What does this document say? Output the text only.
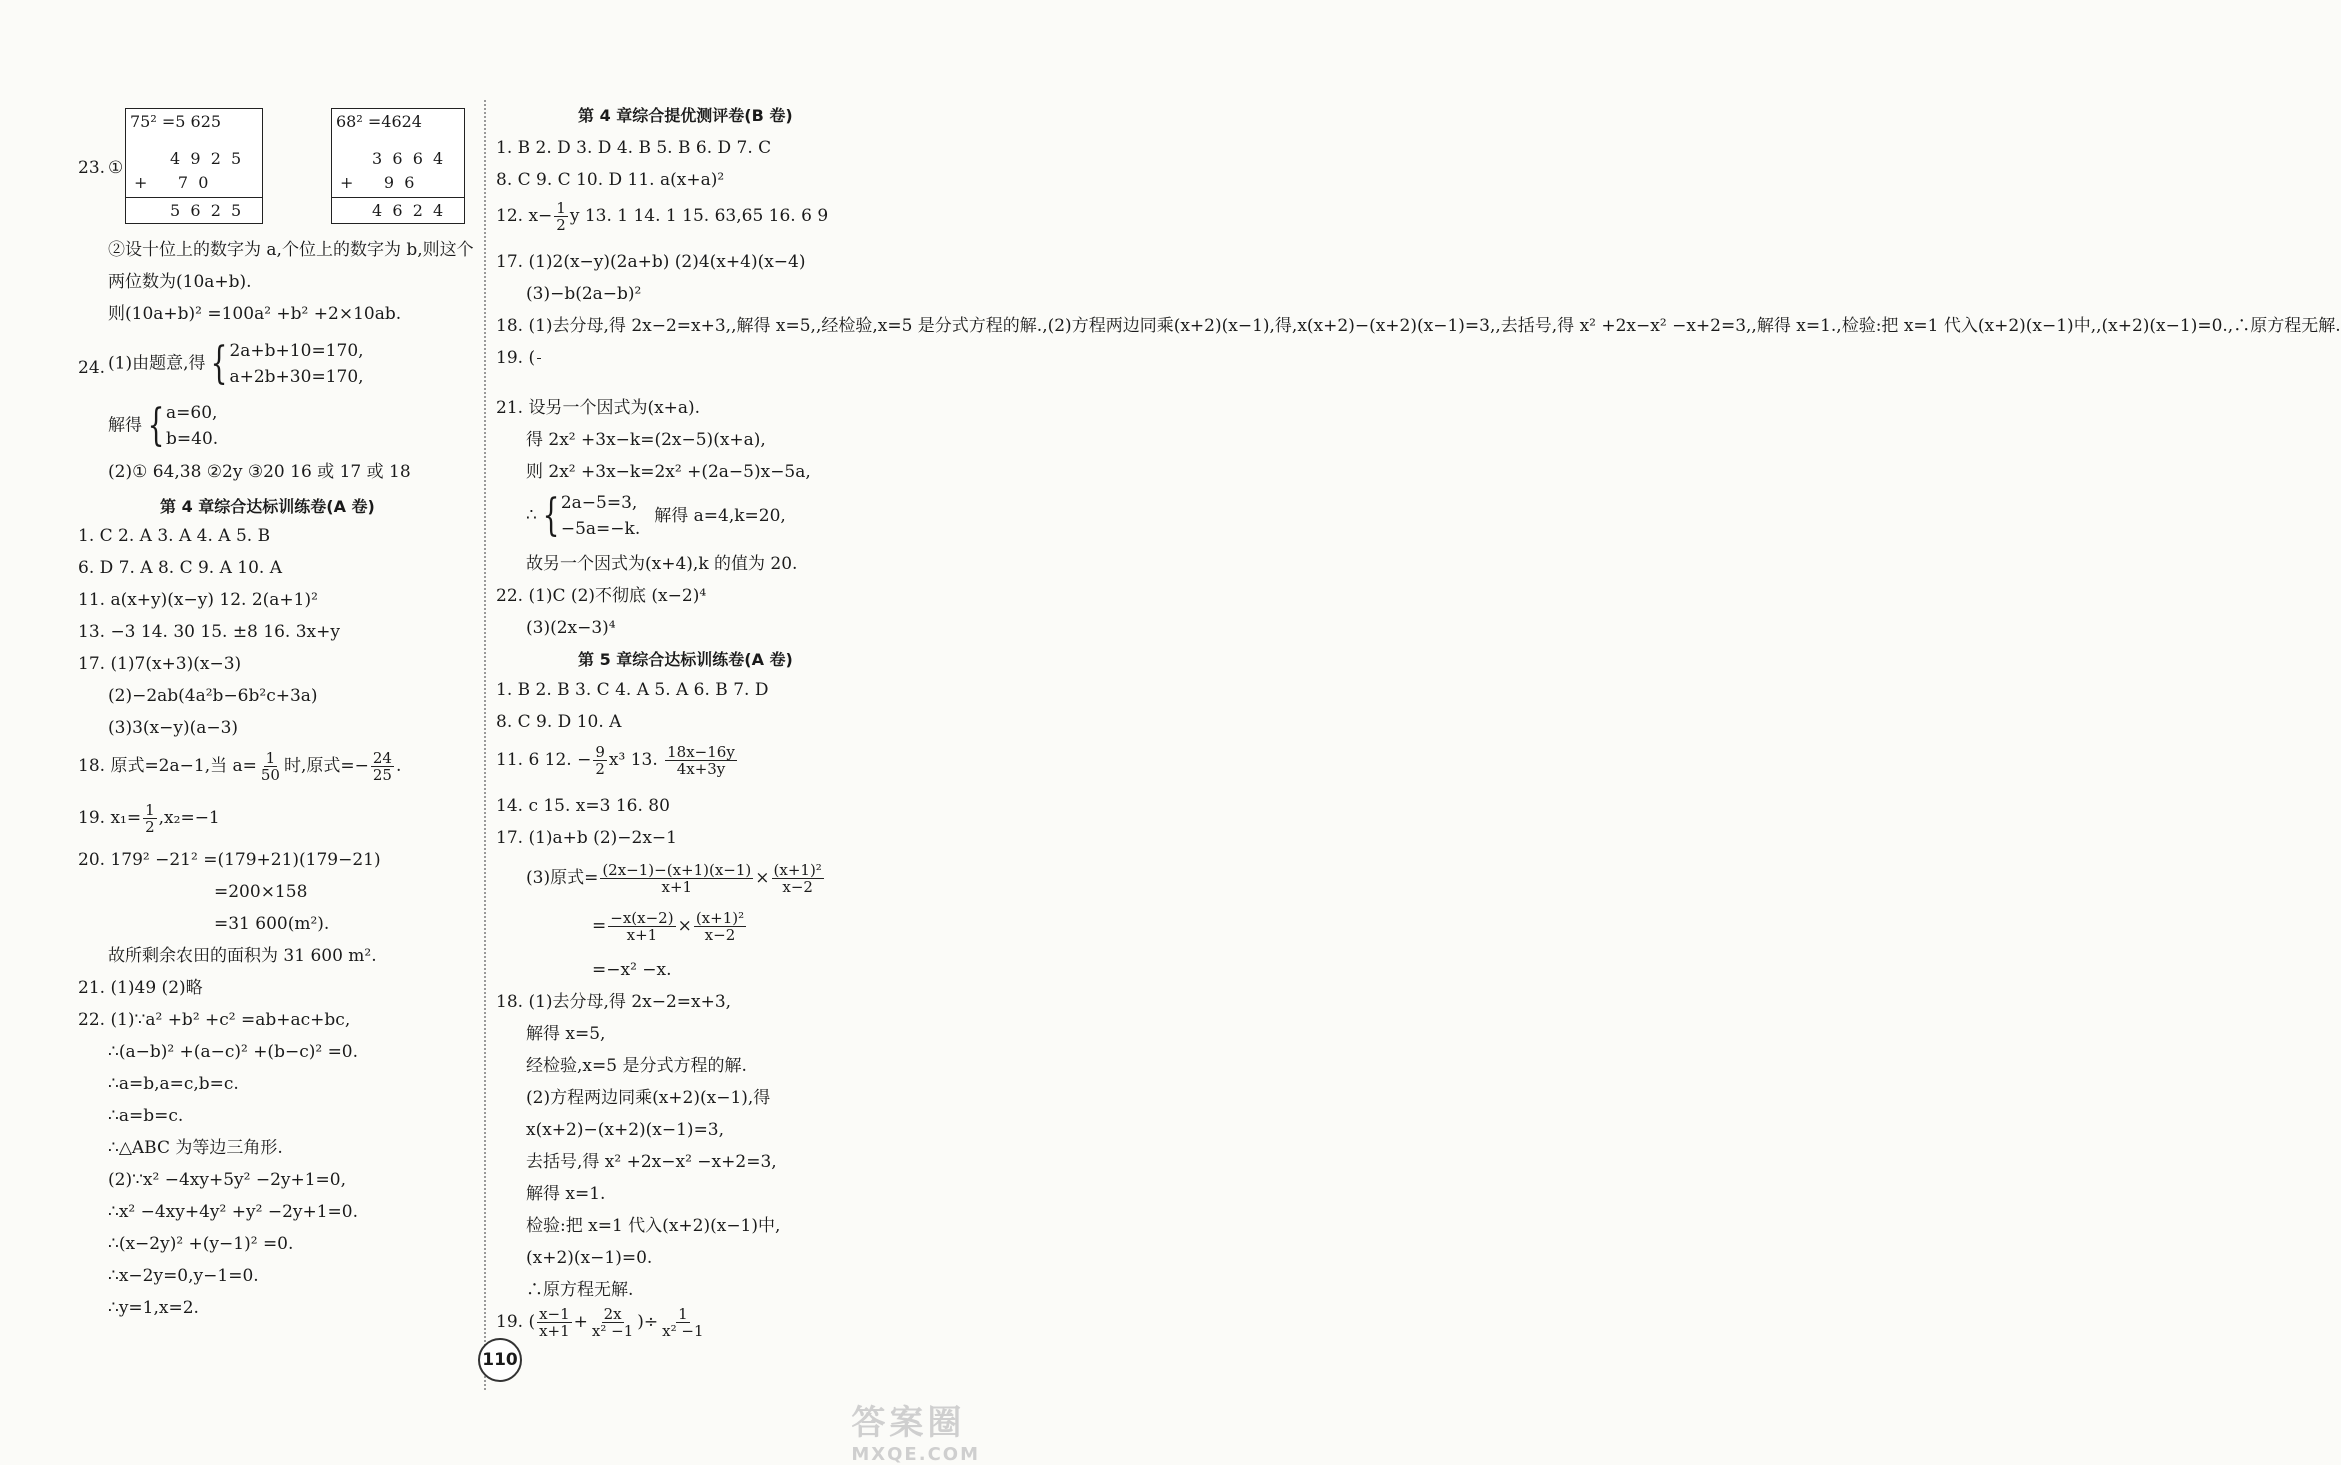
23. ①
75² =5 625
4  9  2  5
+      7  0
5  6  2  5
68² =4624
3  6  6  4
+      9  6
4  6  2  4
②设十位上的数字为 a,个位上的数字为 b,则这个
两位数为(10a+b).
则(10a+b)² =100a² +b² +2×10ab.
24. (1)由题意,得 { 2a+b+10=170,
a+2b+30=170,
解得 { a=60,
b=40.
(2)① 64,38 ②2y ③20 16 或 17 或 18
第 4 章综合达标训练卷(A 卷)
1. C 2. A 3. A 4. A 5. B
6. D 7. A 8. C 9. A 10. A
11. a(x+y)(x−y) 12. 2(a+1)²
13. −3 14. 30 15. ±8 16. 3x+y
17. (1)7(x+3)(x−3)
(2)−2ab(4a²b−6b²c+3a)
(3)3(x−y)(a−3)
18. 原式=2a−1,当 $a= \frac{1}{50}$ 时,原式=− $\frac{24}{25}$ .
19. $x_1= \frac{1}{2} ,x_2=-1$
20. 179² −21² =(179+21)(179−21)
=200×158
=31 600(m²).
故所剩余农田的面积为 31 600 m².
21. (1)49 (2)略
22. (1)∵a² +b² +c² =ab+ac+bc,
∴(a−b)² +(a−c)² +(b−c)² =0.
∴a=b,a=c,b=c.
∴a=b=c.
∴△ABC 为等边三角形.
(2)∵x² −4xy+5y² −2y+1=0,
∴x² −4xy+4y² +y² −2y+1=0.
∴(x−2y)² +(y−1)² =0.
∴x−2y=0,y−1=0.
∴y=1,x=2.
第 4 章综合提优测评卷(B 卷)
1. B 2. D 3. D 4. B 5. B 6. D 7. C
8. C 9. C 10. D 11. a(x+a)²
12. $x- \frac{1}{2}$ y 13. 1 14. 1 15. 63,65 16. 6 9
17. (1)2(x−y)(2a+b) (2)4(x+4)(x−4)
(3)−b(2a−b)²
18. (1)去分母,得 2x−2=x+3,,解得 x=5,,经检验,x=5 是分式方程的解.,(2)方程两边同乘(x+2)(x−1),得,x(x+2)−(x+2)(x−1)=3,,去括号,得 x² +2x−x² −x+2=3,,解得 x=1.,检验:把 x=1 代入(x+2)(x−1)中,,(x+2)(x−1)=0.,∴原方程无解.
19. (
21. 设另一个因式为(x+a).
得 2x² +3x−k=(2x−5)(x+a),
则 2x² +3x−k=2x² +(2a−5)x−5a,
∴ { 2a−5=3,
−5a=−k.
解得 a=4,k=20,
故另一个因式为(x+4),k 的值为 20.
22. (1)C (2)不彻底 (x−2)⁴
(3)(2x−3)⁴
第 5 章综合达标训练卷(A 卷)
1. B 2. B 3. C 4. A 5. A 6. B 7. D
8. C 9. D 10. A
11. 6 12. − $\frac{9}{2} x^3$ 13. $\frac{18x-16y}{4x+3y}$
14. c 15. x=3 16. 80
17. (1)a+b (2)−2x−1
(3)原式= $\frac{(2x-1)-(x+1)(x-1)}{x+1} \times \frac{\text{(x+1)²}}{x-2}$
= $\frac{-x(x-2)}{x+1} \times \frac{\text{(x+1)²}}{x-2}$
=−x² −x.
18. (1)去分母,得 2x−2=x+3,
解得 x=5,
经检验,x=5 是分式方程的解.
(2)方程两边同乘(x+2)(x−1),得
x(x+2)−(x+2)(x−1)=3,
去括号,得 x² +2x−x² −x+2=3,
解得 x=1.
检验:把 x=1 代入(x+2)(x−1)中,
(x+2)(x−1)=0.
∴原方程无解.
19. ( $\frac{x-1}{x+1} + \frac{2x}{\text{x² −1}}$ )÷ $\frac{1}{\text{x² −1}}$
110
答案圈
MXQE.COM
